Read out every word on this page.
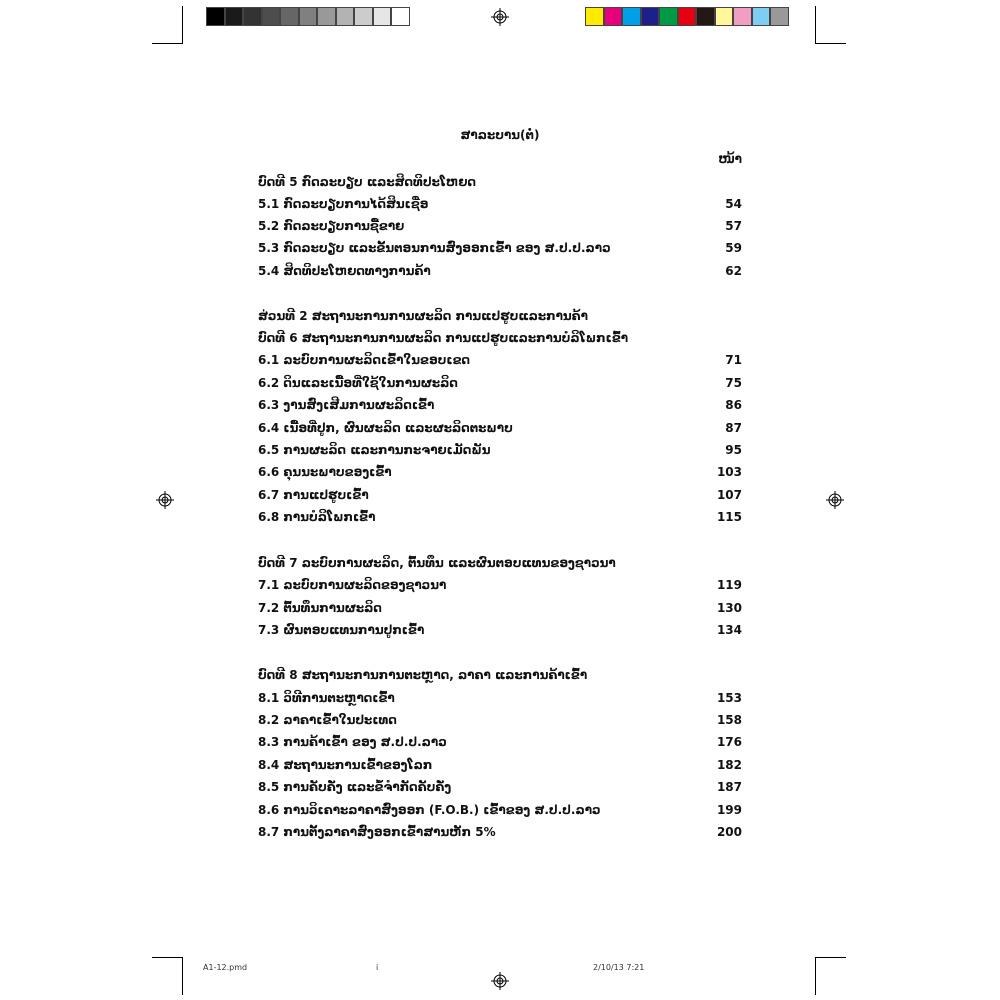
ສາລະບານ(ຕໍ່)
ໜ້າ
ບົດທີ 5 ກົດລະບຽບ ແລະສິດທິປະໂຫຍດ
5.1 ກົດລະບຽບການໄດ້ສິນເຊື່ອ	54
5.2 ກົດລະບຽບການຊື້ຂາຍ	57
5.3 ກົດລະບຽບ ແລະຂັ້ນຕອນການສົ່ງອອກເຂົ້າ ຂອງ ສ.ປ.ປ.ລາວ	59
5.4 ສິດທິປະໂຫຍດທາງການຄ້າ	62
ສ່ວນທີ 2 ສະຖານະການການຜະລິດ ການແປຮູບແລະການຄ້າ
ບົດທີ 6 ສະຖານະການການຜະລິດ ການແປຮູບແລະການບໍລິໂພກເຂົ້າ
6.1 ລະບົບການຜະລິດເຂົ້າໃນຂອບເຂດ	71
6.2 ດິນແລະເນື້ອທີ່ໃຊ້ໃນການຜະລິດ	75
6.3 ງານສົ່ງເສີມການຜະລິດເຂົ້າ	86
6.4 ເນື້ອທີ່ປູກ, ຜົນຜະລິດ ແລະຜະລິດຕະພາບ	87
6.5 ການຜະລິດ ແລະການກະຈາຍເມັດພັນ	95
6.6 ຄຸນນະພາບຂອງເຂົ້າ	103
6.7 ການແປຮູບເຂົ້າ	107
6.8 ການບໍລິໂພກເຂົ້າ	115
ບົດທີ 7 ລະບົບການຜະລິດ, ຕົ້ນທຶນ ແລະຜົນຕອບແທນຂອງຊາວນາ
7.1 ລະບົບການຜະລິດຂອງຊາວນາ	119
7.2 ຕົ້ນທຶນການຜະລິດ	130
7.3 ຜົນຕອບແທນການປູກເຂົ້າ	134
ບົດທີ 8 ສະຖານະການການຕະຫຼາດ, ລາຄາ ແລະການຄ້າເຂົ້າ
8.1 ວິທີການຕະຫຼາດເຂົ້າ	153
8.2 ລາຄາເຂົ້າໃນປະເທດ	158
8.3 ການຄ້າເຂົ້າ ຂອງ ສ.ປ.ປ.ລາວ	176
8.4 ສະຖານະການເຂົ້າຂອງໂລກ	182
8.5 ການຄັບຄັ່ງ ແລະຂໍ້ຈຳກັດຄັບຄັ່ງ	187
8.6 ການວິເຄາະລາຄາສົ່ງອອກ (F.O.B.) ເຂົ້າຂອງ ສ.ປ.ປ.ລາວ	199
8.7 ການຕັ້ງລາຄາສົ່ງອອກເຂົ້າສານຫັກ 5%	200
A1-12.pmd	i	2/10/13 7:21
